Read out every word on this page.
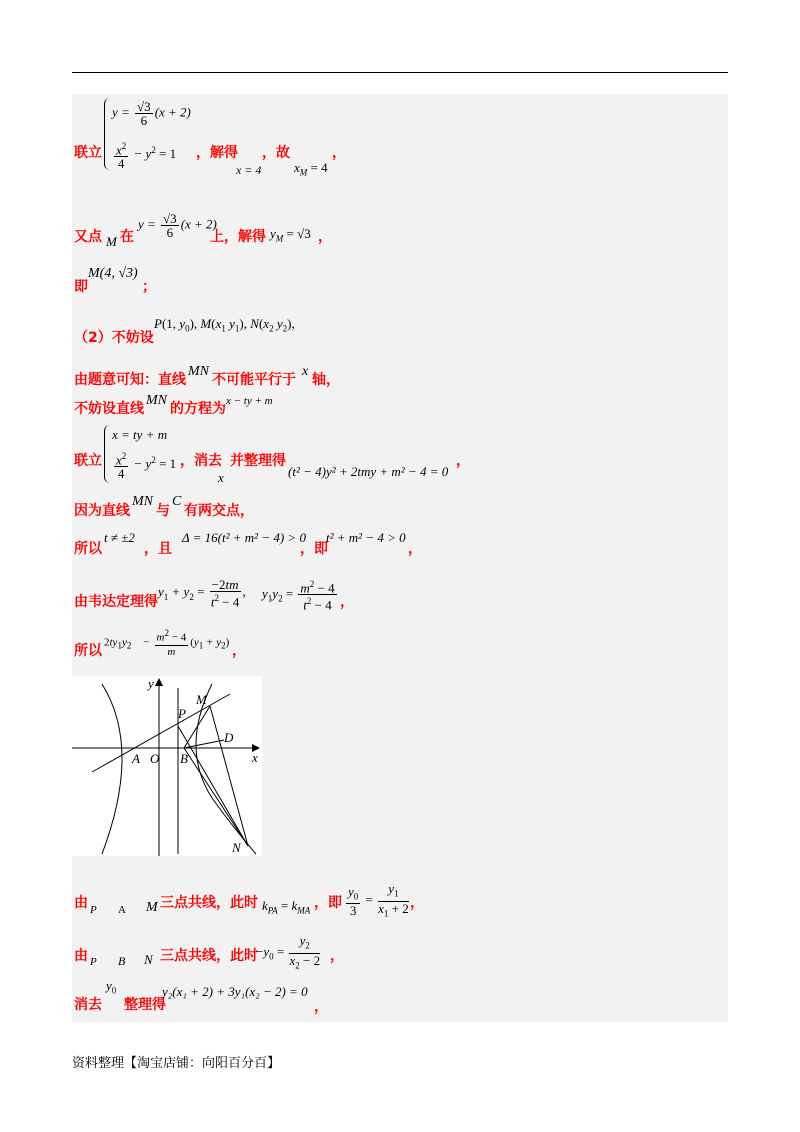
$y = \frac{√3}{6} (x + 2)$
$\frac{x^2}{4} - y^2 = 1$
联立	，解得
x = 4
，故
$x_M = 4$
，
又点 M 在
$y = \frac{√3}{6} (x + 2)$
上，解得 $y_M = √3$ ，
M(4, √3)
即	；
（2）不妨设
P(1, $y_0$), $M(x_1$ $y_1$), $N(x_2$ $y_2$),
由题意可知：直线
MN
不可能平行于
x
轴，
不妨设直线
MN
的方程为 x − ty + m
x = ty + m
$\frac{x^2}{4} - y^2 = 1$
联立	，消去
x
并整理得
(t² − 4)y² + 2tmy + m² − 4 = 0
，
因为直线
MN
与
C
有两交点，
所以
t ≠ ±2
，且
Δ = 16(t² + m² − 4) > 0
，即
t² + m² − 4 > 0
，
由韦达定理得
$y_1 + y_2 = \frac{-2tm}{t^2 - 4}$ , $y_1y_2 = \frac{m^2 - 4}{t^2 - 4}$ ，
所以
$2ty_1y_2$    − $\frac{m^2 - 4}{m} (y_1 + y_2)$
，
y
x
O
A	B
P
M
D
N
由 P A M 三点共线，此时 $k_{PA} = k_{MA}$ ，即 $\frac{y_0}{3} = \frac{y_1}{x_1 + 2}$ ，
由 P B N 三点共线，此时
$-y_0 = \frac{y_2}{x_2 - 2}$ ，
消去
$y_0$
整理得
y₂(x₁ + 2) + 3y₁(x₂ − 2) = 0
，
资料整理【淘宝店铺：向阳百分百】
